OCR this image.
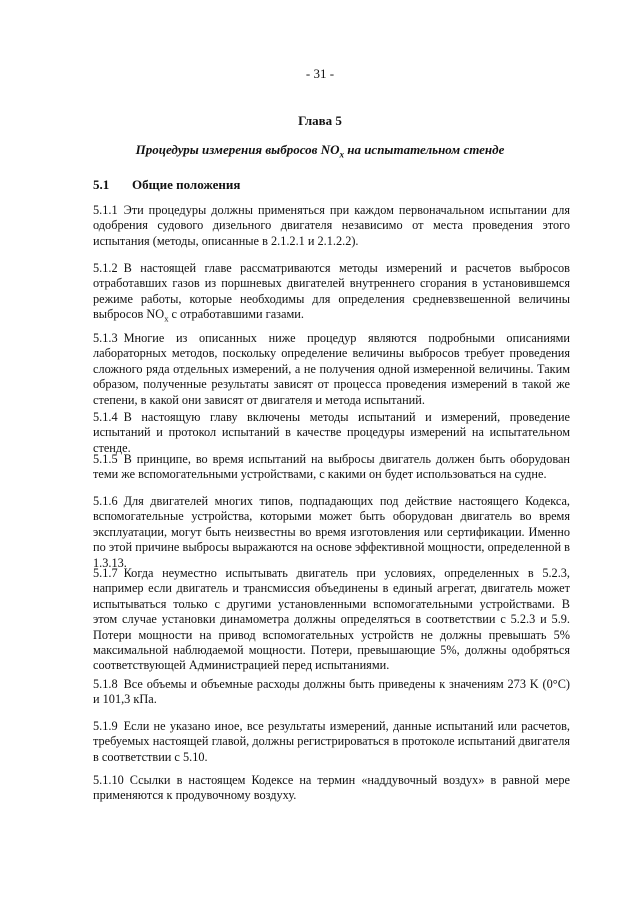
- 31 -
Глава 5
Процедуры измерения выбросов $NO_x$ на испытательном стенде
5.1 Общие положения
5.1.1 Эти процедуры должны применяться при каждом первоначальном испытании для одобрения судового дизельного двигателя независимо от места проведения этого испытания (методы, описанные в 2.1.2.1 и 2.1.2.2).
5.1.2 В настоящей главе рассматриваются методы измерений и расчетов выбросов отработавших газов из поршневых двигателей внутреннего сгорания в установившемся режиме работы, которые необходимы для определения средневзвешенной величины выбросов $NO_x$ с отработавшими газами.
5.1.3 Многие из описанных ниже процедур являются подробными описаниями лабораторных методов, поскольку определение величины выбросов требует проведения сложного ряда отдельных измерений, а не получения одной измеренной величины. Таким образом, полученные результаты зависят от процесса проведения измерений в такой же степени, в какой они зависят от двигателя и метода испытаний.
5.1.4 В настоящую главу включены методы испытаний и измерений, проведение испытаний и протокол испытаний в качестве процедуры измерений на испытательном стенде.
5.1.5 В принципе, во время испытаний на выбросы двигатель должен быть оборудован теми же вспомогательными устройствами, с какими он будет использоваться на судне.
5.1.6 Для двигателей многих типов, подпадающих под действие настоящего Кодекса, вспомогательные устройства, которыми может быть оборудован двигатель во время эксплуатации, могут быть неизвестны во время изготовления или сертификации. Именно по этой причине выбросы выражаются на основе эффективной мощности, определенной в 1.3.13.
5.1.7 Когда неуместно испытывать двигатель при условиях, определенных в 5.2.3, например если двигатель и трансмиссия объединены в единый агрегат, двигатель может испытываться только с другими установленными вспомогательными устройствами. В этом случае установки динамометра должны определяться в соответствии с 5.2.3 и 5.9. Потери мощности на привод вспомогательных устройств не должны превышать 5% максимальной наблюдаемой мощности. Потери, превышающие 5%, должны одобряться соответствующей Администрацией перед испытаниями.
5.1.8 Все объемы и объемные расходы должны быть приведены к значениям 273 K (0°C) и 101,3 кПа.
5.1.9 Если не указано иное, все результаты измерений, данные испытаний или расчетов, требуемых настоящей главой, должны регистрироваться в протоколе испытаний двигателя в соответствии с 5.10.
5.1.10 Ссылки в настоящем Кодексе на термин «наддувочный воздух» в равной мере применяются к продувочному воздуху.
